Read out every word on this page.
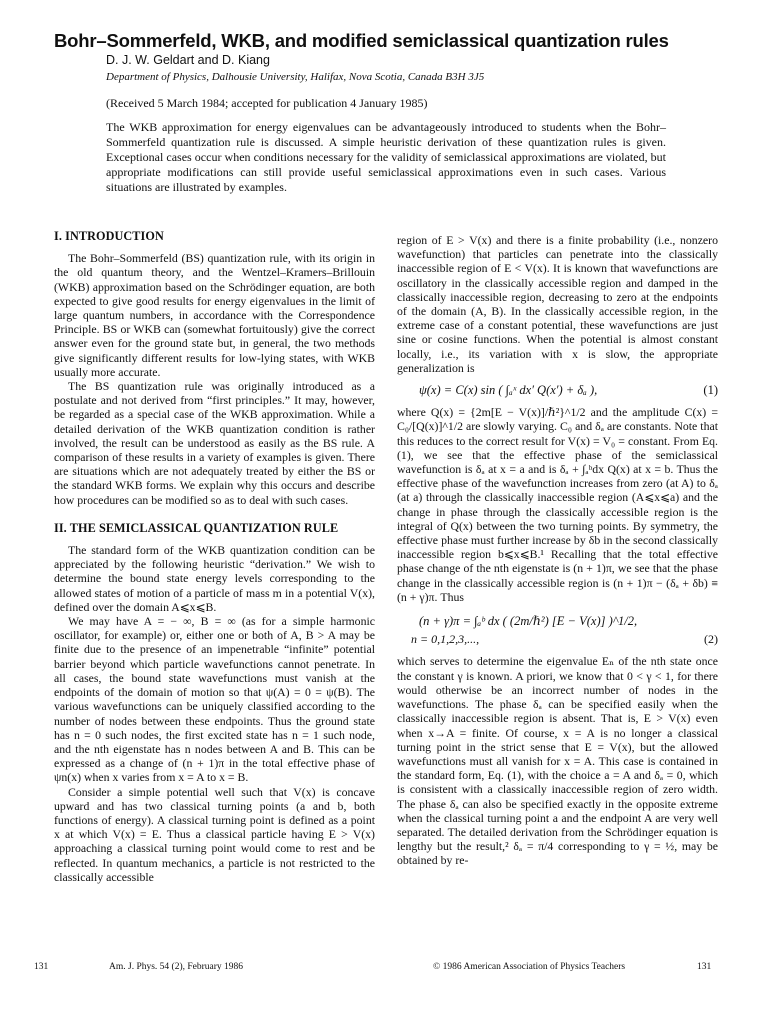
Bohr–Sommerfeld, WKB, and modified semiclassical quantization rules
D. J. W. Geldart and D. Kiang
Department of Physics, Dalhousie University, Halifax, Nova Scotia, Canada B3H 3J5
(Received 5 March 1984; accepted for publication 4 January 1985)
The WKB approximation for energy eigenvalues can be advantageously introduced to students when the Bohr–Sommerfeld quantization rule is discussed. A simple heuristic derivation of these quantization rules is given. Exceptional cases occur when conditions necessary for the validity of semiclassical approximations are violated, but appropriate modifications can still provide useful semiclassical approximations even in such cases. Various situations are illustrated by examples.
I. INTRODUCTION

The Bohr–Sommerfeld (BS) quantization rule, with its origin in the old quantum theory, and the Wentzel–Kramers–Brillouin (WKB) approximation based on the Schrödinger equation, are both expected to give good results for energy eigenvalues in the limit of large quantum numbers, in accordance with the Correspondence Principle. BS or WKB can (somewhat fortuitously) give the correct answer even for the ground state but, in general, the two methods give significantly different results for low-lying states, with WKB usually more accurate.

The BS quantization rule was originally introduced as a postulate and not derived from “first principles.” It may, however, be regarded as a special case of the WKB approximation. While a detailed derivation of the WKB quantization condition is rather involved, the result can be understood as easily as the BS rule. A comparison of these results in a variety of examples is given. There are situations which are not adequately treated by either the BS or the standard WKB forms. We explain why this occurs and describe how procedures can be modified so as to deal with such cases.

II. THE SEMICLASSICAL QUANTIZATION RULE

The standard form of the WKB quantization condition can be appreciated by the following heuristic “derivation.” We wish to determine the bound state energy levels corresponding to the allowed states of motion of a particle of mass m in a potential V(x), defined over the domain A⩽x⩽B.

We may have A = − ∞, B = ∞ (as for a simple harmonic oscillator, for example) or, either one or both of A, B > A may be finite due to the presence of an impenetrable “infinite” potential barrier beyond which particle wavefunctions cannot penetrate. In all cases, the bound state wavefunctions must vanish at the endpoints of the domain of motion so that ψ(A) = 0 = ψ(B). The various wavefunctions can be uniquely classified according to the number of nodes between these endpoints. Thus the ground state has n = 0 such nodes, the first excited state has n = 1 such node, and the nth eigenstate has n nodes between A and B. This can be expressed as a change of (n + 1)π in the total effective phase of ψn(x) when x varies from x = A to x = B.

Consider a simple potential well such that V(x) is concave upward and has two classical turning points (a and b, both functions of energy). A classical turning point is defined as a point x at which V(x) = E. Thus a classical particle having E > V(x) approaching a classical turning point would come to rest and be reflected. In quantum mechanics, a particle is not restricted to the classically accessible

region of E > V(x) and there is a finite probability (i.e., nonzero wavefunction) that particles can penetrate into the classically inaccessible region of E < V(x). It is known that wavefunctions are oscillatory in the classically accessible region and damped in the classically inaccessible region, decreasing to zero at the endpoints of the domain (A, B). In the classically accessible region, in the extreme case of a constant potential, these wavefunctions are just sine or cosine functions. When the potential is almost constant locally, i.e., its variation with x is slow, the appropriate generalization is

ψ(x) = C(x) sin ( ∫ₐˣ dx′ Q(x′) + δₐ ),	(1)

where Q(x) = {2m[E − V(x)]/ℏ²}^1/2 and the amplitude C(x) = C₀/[Q(x)]^1/2 are slowly varying. C₀ and δₐ are constants. Note that this reduces to the correct result for V(x) = V₀ = constant. From Eq. (1), we see that the effective phase of the semiclassical wavefunction is δₐ at x = a and is δₐ + ∫ₐᵇdx Q(x) at x = b. Thus the effective phase of the wavefunction increases from zero (at A) to δₐ (at a) through the classically inaccessible region (A⩽x⩽a) and the change in phase through the classically accessible region is the integral of Q(x) between the two turning points. By symmetry, the effective phase must further increase by δb in the second classically inaccessible region b⩽x⩽B.¹ Recalling that the total effective phase change of the nth eigenstate is (n + 1)π, we see that the phase change in the classically accessible region is (n + 1)π − (δₐ + δb) ≡ (n + γ)π. Thus

(n + γ)π = ∫ₐᵇ dx ( (2m/ℏ²) [E − V(x)] )^1/2,
n = 0,1,2,3,...,	(2)

which serves to determine the eigenvalue Eₙ of the nth state once the constant γ is known. A priori, we know that 0 < γ < 1, for there would otherwise be an incorrect number of nodes in the wavefunctions. The phase δₐ can be specified easily when the classically inaccessible region is absent. That is, E > V(x) even when x→A = finite. Of course, x = A is no longer a classical turning point in the strict sense that E = V(x), but the allowed wavefunctions must all vanish for x = A. This case is contained in the standard form, Eq. (1), with the choice a = A and δₐ = 0, which is consistent with a classically inaccessible region of zero width. The phase δₐ can also be specified exactly in the opposite extreme when the classical turning point a and the endpoint A are very well separated. The detailed derivation from the Schrödinger equation is lengthy but the result,² δₐ = π/4 corresponding to γ = ½, may be obtained by re-

131	Am. J. Phys. 54 (2), February 1986	© 1986 American Association of Physics Teachers	131
